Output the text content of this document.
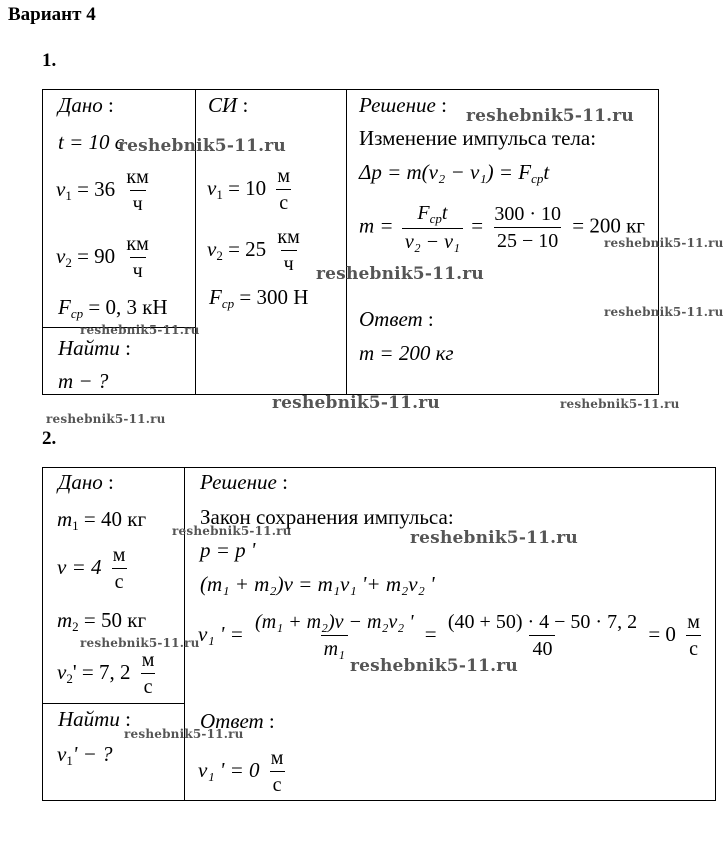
Вариант 4
1.
Дано :
t = 10 с
$v_1 = 36 \frac{км}{ч}$
$v_2 = 90 \frac{км}{ч}$
$F_{ср} = 0$, 3 кН
Найти :
m − ?
СИ :
$v_1 = 10 \frac{м}{с}$
$v_2 = 25 \frac{км}{ч}$
$F_{ср} = 300$ Н
Решение :
Изменение импульса тела:
$\Delta p = m(v_2 - v_1) = F_{ср}t$
$m = \frac{F_{ср}t}{\text{v₂ − v₁}} = \frac{300 \cdot 10}{25 - 10} = 200$ кг
Ответ :
m = 200 кг
2.
Дано :
$m_1 = 40$ кг
$v = 4 \frac{м}{с}$
$m_2 = 50$ кг
$v_2' = 7$, $2 \frac{м}{с}$
Найти :
$v_1'$ − ?
Решение :
Закон сохранения импульса:
p = p '
(m₁ + m₂)v = m₁v₁ '+ m₂v₂ '
v₁ ' = $\frac{\text{(m₁ + m₂)v − m₂v₂ '}}{\text{m₁}} = \frac{(40 + 50) \cdot 4 - 50 \cdot 7, 2}{40} = 0 \frac{м}{с}$
Ответ :
v₁ ' = $0 \frac{м}{с}$
reshebnik5-11.ru
reshebnik5-11.ru
reshebnik5-11.ru
reshebnik5-11.ru
reshebnik5-11.ru
reshebnik5-11.ru
reshebnik5-11.ru
reshebnik5-11.ru
reshebnik5-11.ru
reshebnik5-11.ru	reshebnik5-11.ru
reshebnik5-11.ru
reshebnik5-11.ru
reshebnik5-11.ru
